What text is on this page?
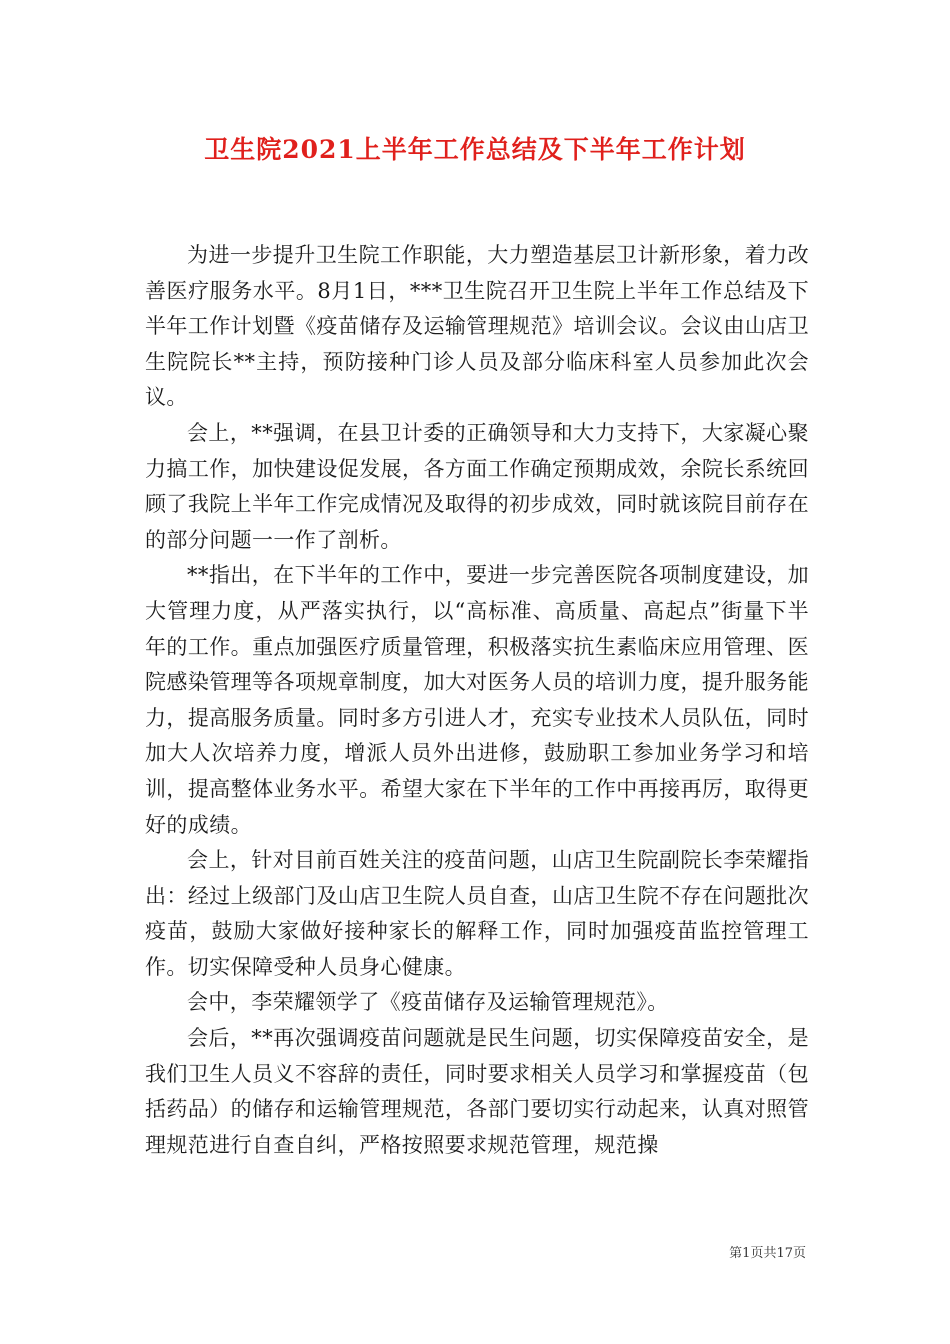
卫生院2021上半年工作总结及下半年工作计划

为进一步提升卫生院工作职能，大力塑造基层卫计新形象，着力改善医疗服务水平。8月1日，***卫生院召开卫生院上半年工作总结及下半年工作计划暨《疫苗储存及运输管理规范》培训会议。会议由山店卫生院院长**主持，预防接种门诊人员及部分临床科室人员参加此次会议。

会上，**强调，在县卫计委的正确领导和大力支持下，大家凝心聚力搞工作，加快建设促发展，各方面工作确定预期成效，余院长系统回顾了我院上半年工作完成情况及取得的初步成效，同时就该院目前存在的部分问题一一作了剖析。

**指出，在下半年的工作中，要进一步完善医院各项制度建设，加大管理力度，从严落实执行，以“高标准、高质量、高起点”街量下半年的工作。重点加强医疗质量管理，积极落实抗生素临床应用管理、医院感染管理等各项规章制度，加大对医务人员的培训力度，提升服务能力，提高服务质量。同时多方引进人才，充实专业技术人员队伍，同时加大人次培养力度，增派人员外出进修，鼓励职工参加业务学习和培训，提高整体业务水平。希望大家在下半年的工作中再接再厉，取得更好的成绩。

会上，针对目前百姓关注的疫苗问题，山店卫生院副院长李荣耀指出：经过上级部门及山店卫生院人员自查，山店卫生院不存在问题批次疫苗，鼓励大家做好接种家长的解释工作，同时加强疫苗监控管理工作。切实保障受种人员身心健康。

会中，李荣耀领学了《疫苗储存及运输管理规范》。

会后，**再次强调疫苗问题就是民生问题，切实保障疫苗安全，是我们卫生人员义不容辞的责任，同时要求相关人员学习和掌握疫苗（包括药品）的储存和运输管理规范，各部门要切实行动起来，认真对照管理规范进行自查自纠，严格按照要求规范管理，规范操

第1页共17页
